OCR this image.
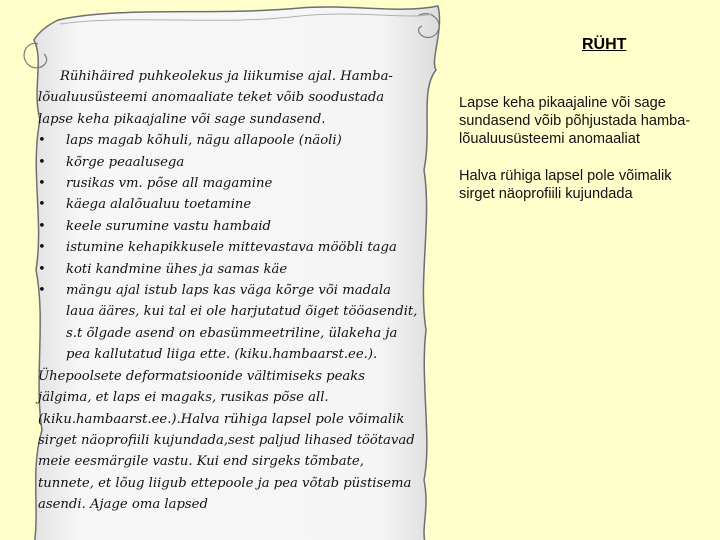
Rühihäired puhkeolekus ja liikumise ajal. Hamba-lõualuusüsteemi anomaaliate teket võib soodustada lapse keha pikaajaline või sage sundasend.

• laps magab kõhuli, nägu allapoole (näoli)
• kõrge peaalusega
• rusikas vm. põse all magamine
• käega alalõualuu toetamine
• keele surumine vastu hambaid
• istumine kehapikkusele mittevastava mööbli taga
• koti kandmine ühes ja samas käe
• mängu ajal istub laps kas väga kõrge või madala laua ääres, kui tal ei ole harjutatud õiget tööasendit, s.t õlgade asend on ebasümmeetriline, ülakeha ja pea kallutatud liiga ette. (kiku.hambaarst.ee.).

Ühepoolsete deformatsioonide vältimiseks peaks jälgima, et laps ei magaks, rusikas põse all. (kiku.hambaarst.ee.).Halva rühiga lapsel pole võimalik sirget näoprofiili kujundada,sest paljud lihased töötavad meie eesmärgile vastu. Kui end sirgeks tõmbate, tunnete, et lõug liigub ettepoole ja pea võtab püstisema asendi. Ajage oma lapsed

RÜHT

Lapse keha pikaajaline või sage sundasend võib põhjustada hamba-lõualuusüsteemi anomaaliat

Halva rühiga lapsel pole võimalik sirget näoprofiili kujundada
